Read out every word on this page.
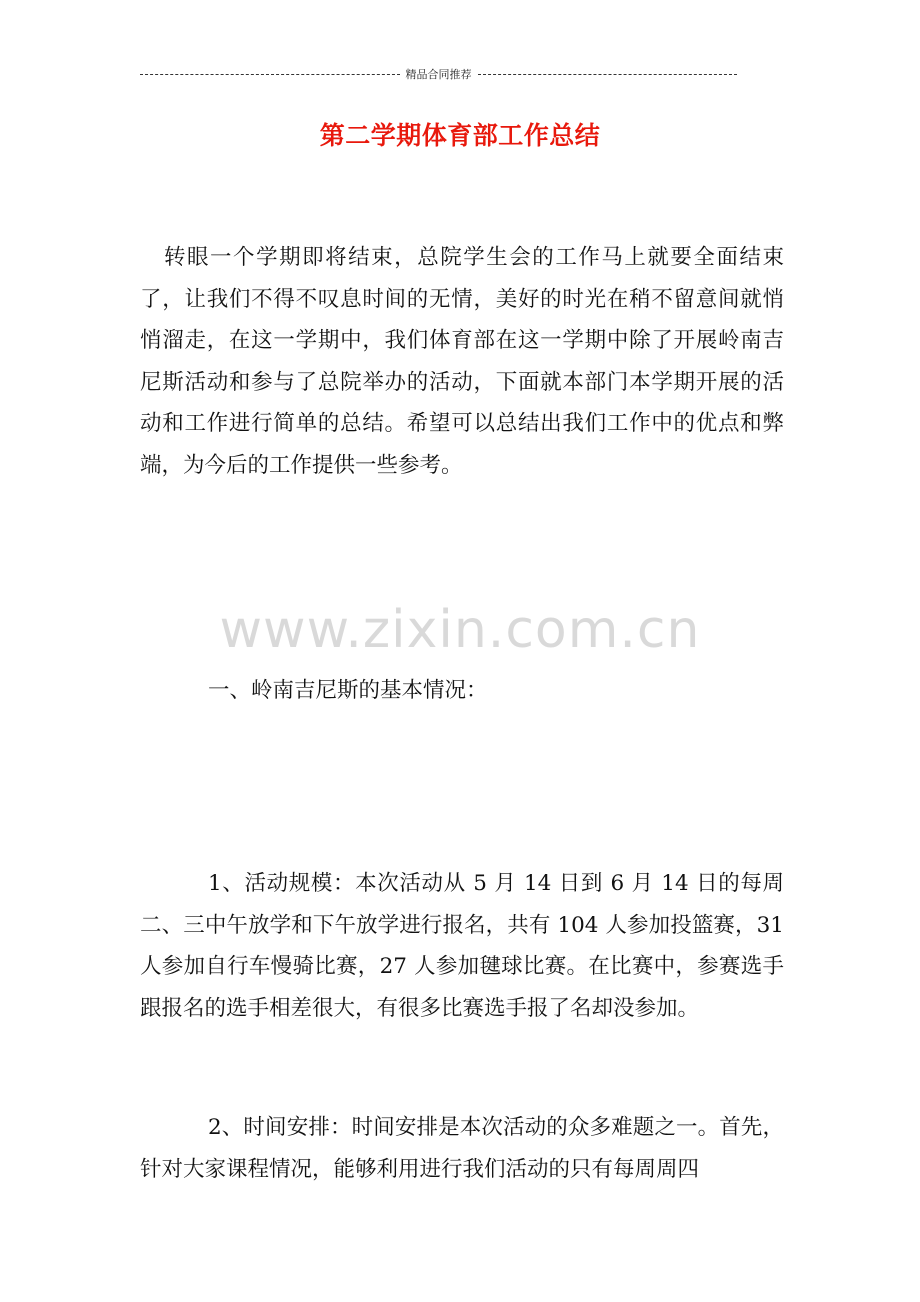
精品合同推荐
第二学期体育部工作总结

转眼一个学期即将结束，总院学生会的工作马上就要全面结束了，让我们不得不叹息时间的无情，美好的时光在稍不留意间就悄悄溜走，在这一学期中，我们体育部在这一学期中除了开展岭南吉尼斯活动和参与了总院举办的活动，下面就本部门本学期开展的活动和工作进行简单的总结。希望可以总结出我们工作中的优点和弊端，为今后的工作提供一些参考。

www.zixin.com.cn

一、岭南吉尼斯的基本情况：

1、活动规模：本次活动从 5 月 14 日到 6 月 14 日的每周二、三中午放学和下午放学进行报名，共有 104 人参加投篮赛，31 人参加自行车慢骑比赛，27 人参加毽球比赛。在比赛中，参赛选手跟报名的选手相差很大，有很多比赛选手报了名却没参加。

2、时间安排：时间安排是本次活动的众多难题之一。首先，针对大家课程情况，能够利用进行我们活动的只有每周周四
